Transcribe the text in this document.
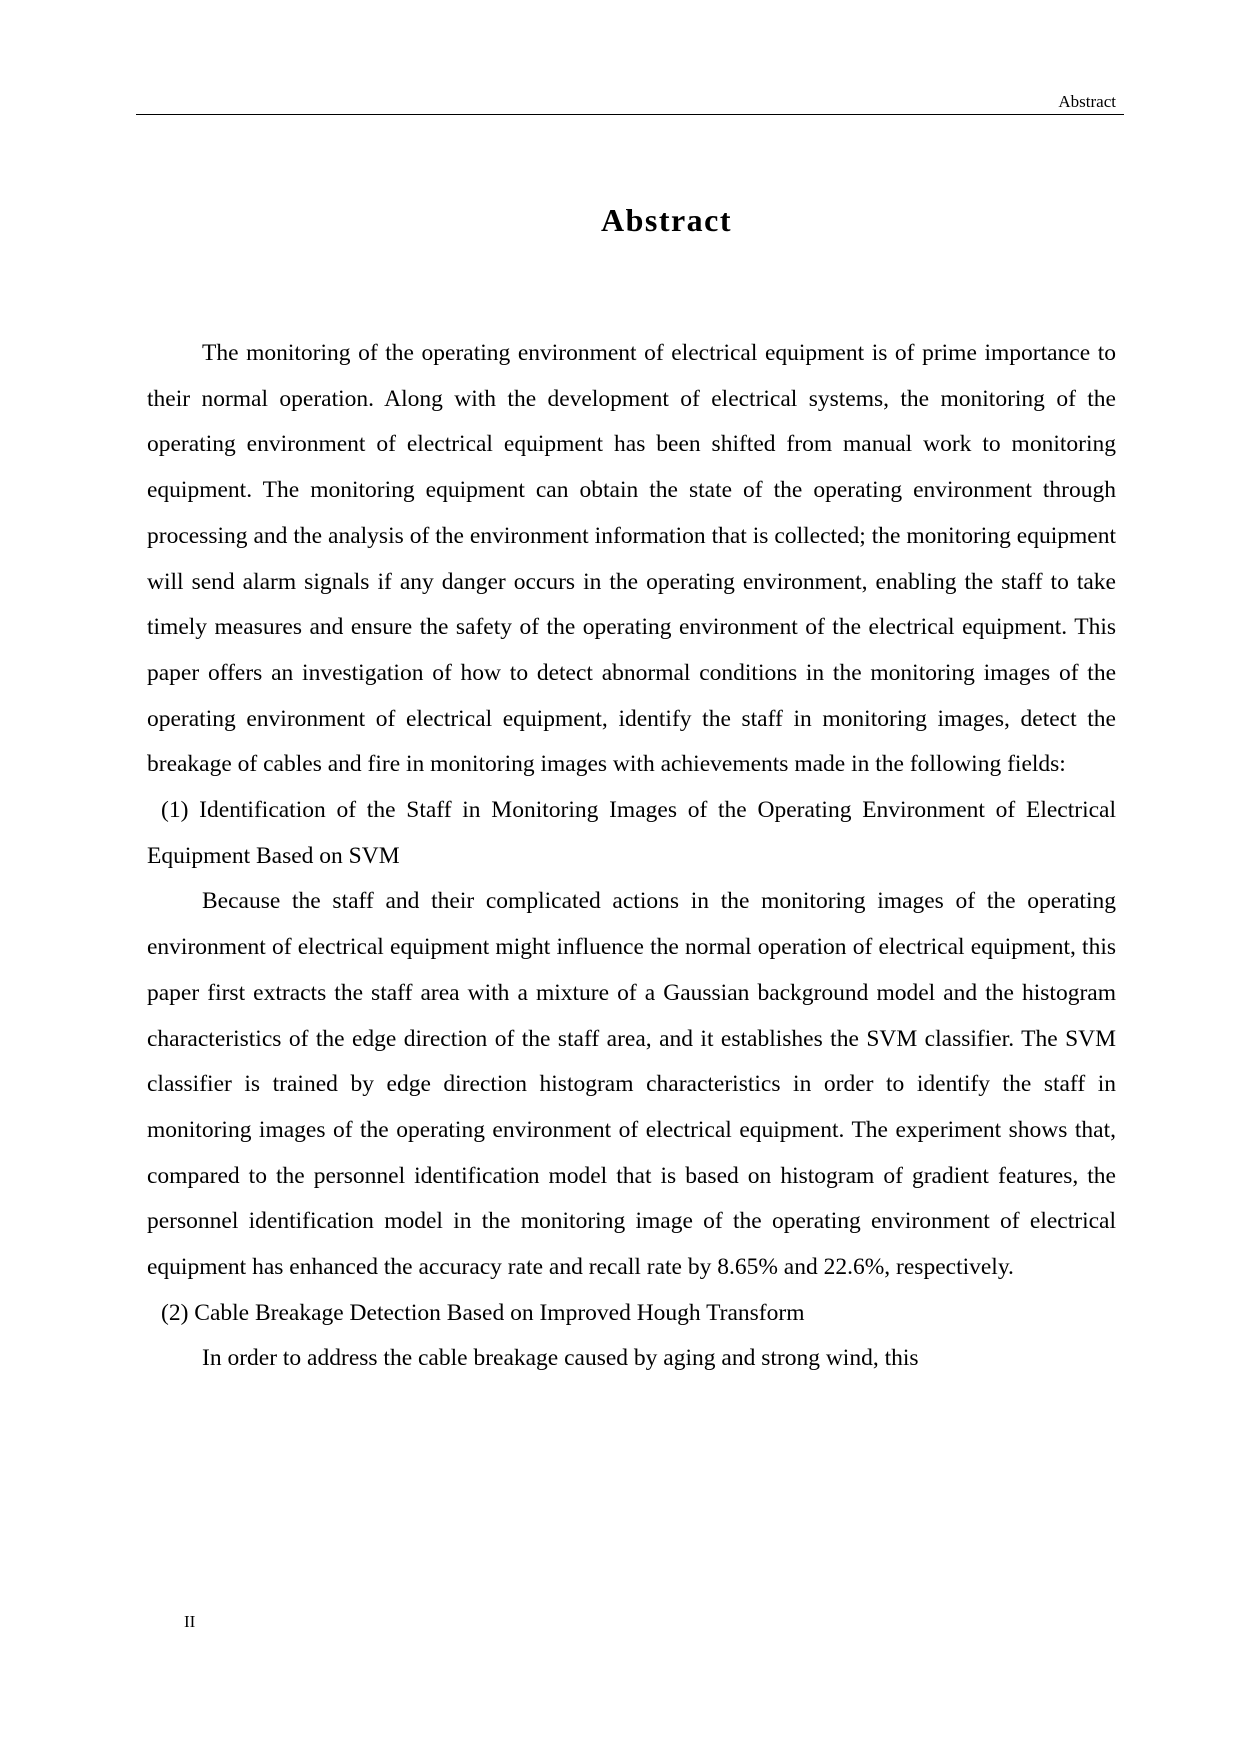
Abstract
Abstract

The monitoring of the operating environment of electrical equipment is of prime importance to their normal operation. Along with the development of electrical systems, the monitoring of the operating environment of electrical equipment has been shifted from manual work to monitoring equipment. The monitoring equipment can obtain the state of the operating environment through processing and the analysis of the environment information that is collected; the monitoring equipment will send alarm signals if any danger occurs in the operating environment, enabling the staff to take timely measures and ensure the safety of the operating environment of the electrical equipment. This paper offers an investigation of how to detect abnormal conditions in the monitoring images of the operating environment of electrical equipment, identify the staff in monitoring images, detect the breakage of cables and fire in monitoring images with achievements made in the following fields:

(1) Identification of the Staff in Monitoring Images of the Operating Environment of Electrical Equipment Based on SVM

Because the staff and their complicated actions in the monitoring images of the operating environment of electrical equipment might influence the normal operation of electrical equipment, this paper first extracts the staff area with a mixture of a Gaussian background model and the histogram characteristics of the edge direction of the staff area, and it establishes the SVM classifier. The SVM classifier is trained by edge direction histogram characteristics in order to identify the staff in monitoring images of the operating environment of electrical equipment. The experiment shows that, compared to the personnel identification model that is based on histogram of gradient features, the personnel identification model in the monitoring image of the operating environment of electrical equipment has enhanced the accuracy rate and recall rate by 8.65% and 22.6%, respectively.

(2) Cable Breakage Detection Based on Improved Hough Transform

In order to address the cable breakage caused by aging and strong wind, this

II
